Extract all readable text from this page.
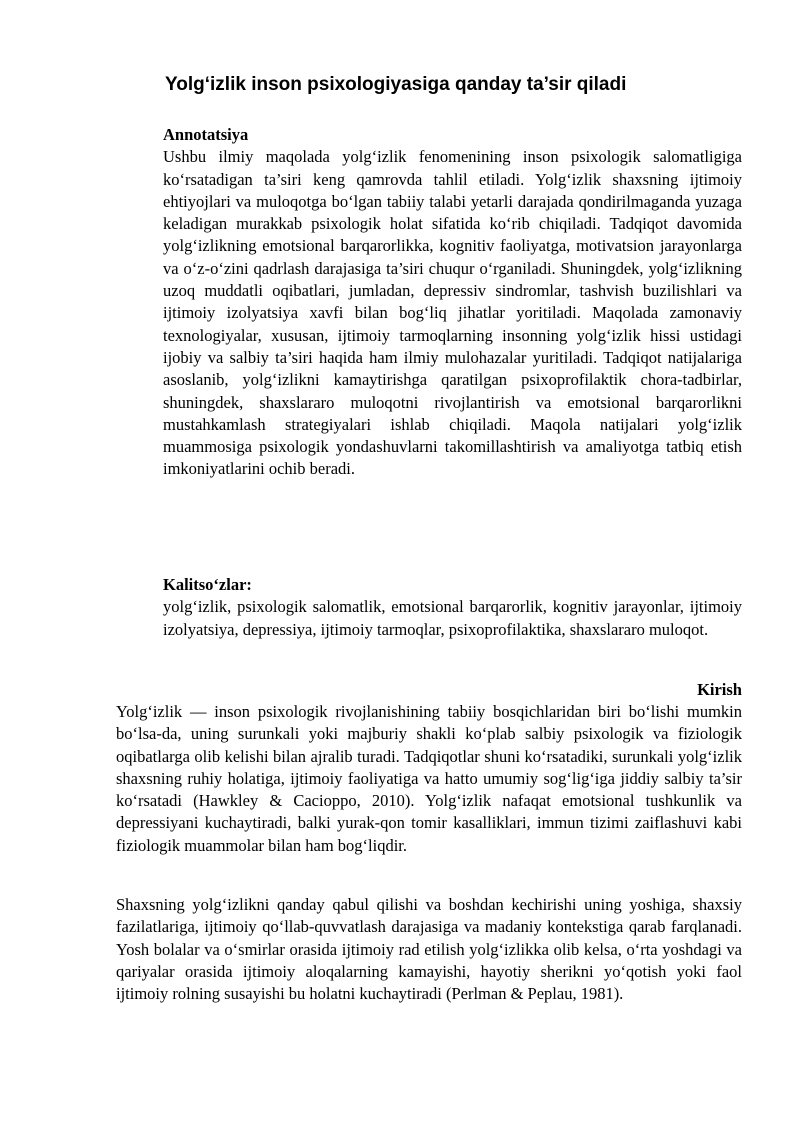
Yolg‘izlik inson psixologiyasiga qanday ta’sir qiladi
Annotatsiya
Ushbu ilmiy maqolada yolg‘izlik fenomenining inson psixologik salomatligiga ko‘rsatadigan ta’siri keng qamrovda tahlil etiladi. Yolg‘izlik shaxsning ijtimoiy ehtiyojlari va muloqotga bo‘lgan tabiiy talabi yetarli darajada qondirilmaganda yuzaga keladigan murakkab psixologik holat sifatida ko‘rib chiqiladi. Tadqiqot davomida yolg‘izlikning emotsional barqarorlikka, kognitiv faoliyatga, motivatsion jarayonlarga va o‘z-o‘zini qadrlash darajasiga ta’siri chuqur o‘rganiladi. Shuningdek, yolg‘izlikning uzoq muddatli oqibatlari, jumladan, depressiv sindromlar, tashvish buzilishlari va ijtimoiy izolyatsiya xavfi bilan bog‘liq jihatlar yoritiladi. Maqolada zamonaviy texnologiyalar, xususan, ijtimoiy tarmoqlarning insonning yolg‘izlik hissi ustidagi ijobiy va salbiy ta’siri haqida ham ilmiy mulohazalar yuritiladi. Tadqiqot natijalariga asoslanib, yolg‘izlikni kamaytirishga qaratilgan psixoprofilaktik chora-tadbirlar, shuningdek, shaxslararo muloqotni rivojlantirish va emotsional barqarorlikni mustahkamlash strategiyalari ishlab chiqiladi. Maqola natijalari yolg‘izlik muammosiga psixologik yondashuvlarni takomillashtirish va amaliyotga tatbiq etish imkoniyatlarini ochib beradi.
Kalitso‘zlar:
yolg‘izlik, psixologik salomatlik, emotsional barqarorlik, kognitiv jarayonlar, ijtimoiy izolyatsiya, depressiya, ijtimoiy tarmoqlar, psixoprofilaktika, shaxslararo muloqot.
Kirish
Yolg‘izlik — inson psixologik rivojlanishining tabiiy bosqichlaridan biri bo‘lishi mumkin bo‘lsa-da, uning surunkali yoki majburiy shakli ko‘plab salbiy psixologik va fiziologik oqibatlarga olib kelishi bilan ajralib turadi. Tadqiqotlar shuni ko‘rsatadiki, surunkali yolg‘izlik shaxsning ruhiy holatiga, ijtimoiy faoliyatiga va hatto umumiy sog‘lig‘iga jiddiy salbiy ta’sir ko‘rsatadi (Hawkley & Cacioppo, 2010). Yolg‘izlik nafaqat emotsional tushkunlik va depressiyani kuchaytiradi, balki yurak-qon tomir kasalliklari, immun tizimi zaiflashuvi kabi fiziologik muammolar bilan ham bog‘liqdir.
Shaxsning yolg‘izlikni qanday qabul qilishi va boshdan kechirishi uning yoshiga, shaxsiy fazilatlariga, ijtimoiy qo‘llab-quvvatlash darajasiga va madaniy kontekstiga qarab farqlanadi. Yosh bolalar va o‘smirlar orasida ijtimoiy rad etilish yolg‘izlikka olib kelsa, o‘rta yoshdagi va qariyalar orasida ijtimoiy aloqalarning kamayishi, hayotiy sherikni yo‘qotish yoki faol ijtimoiy rolning susayishi bu holatni kuchaytiradi (Perlman & Peplau, 1981).
